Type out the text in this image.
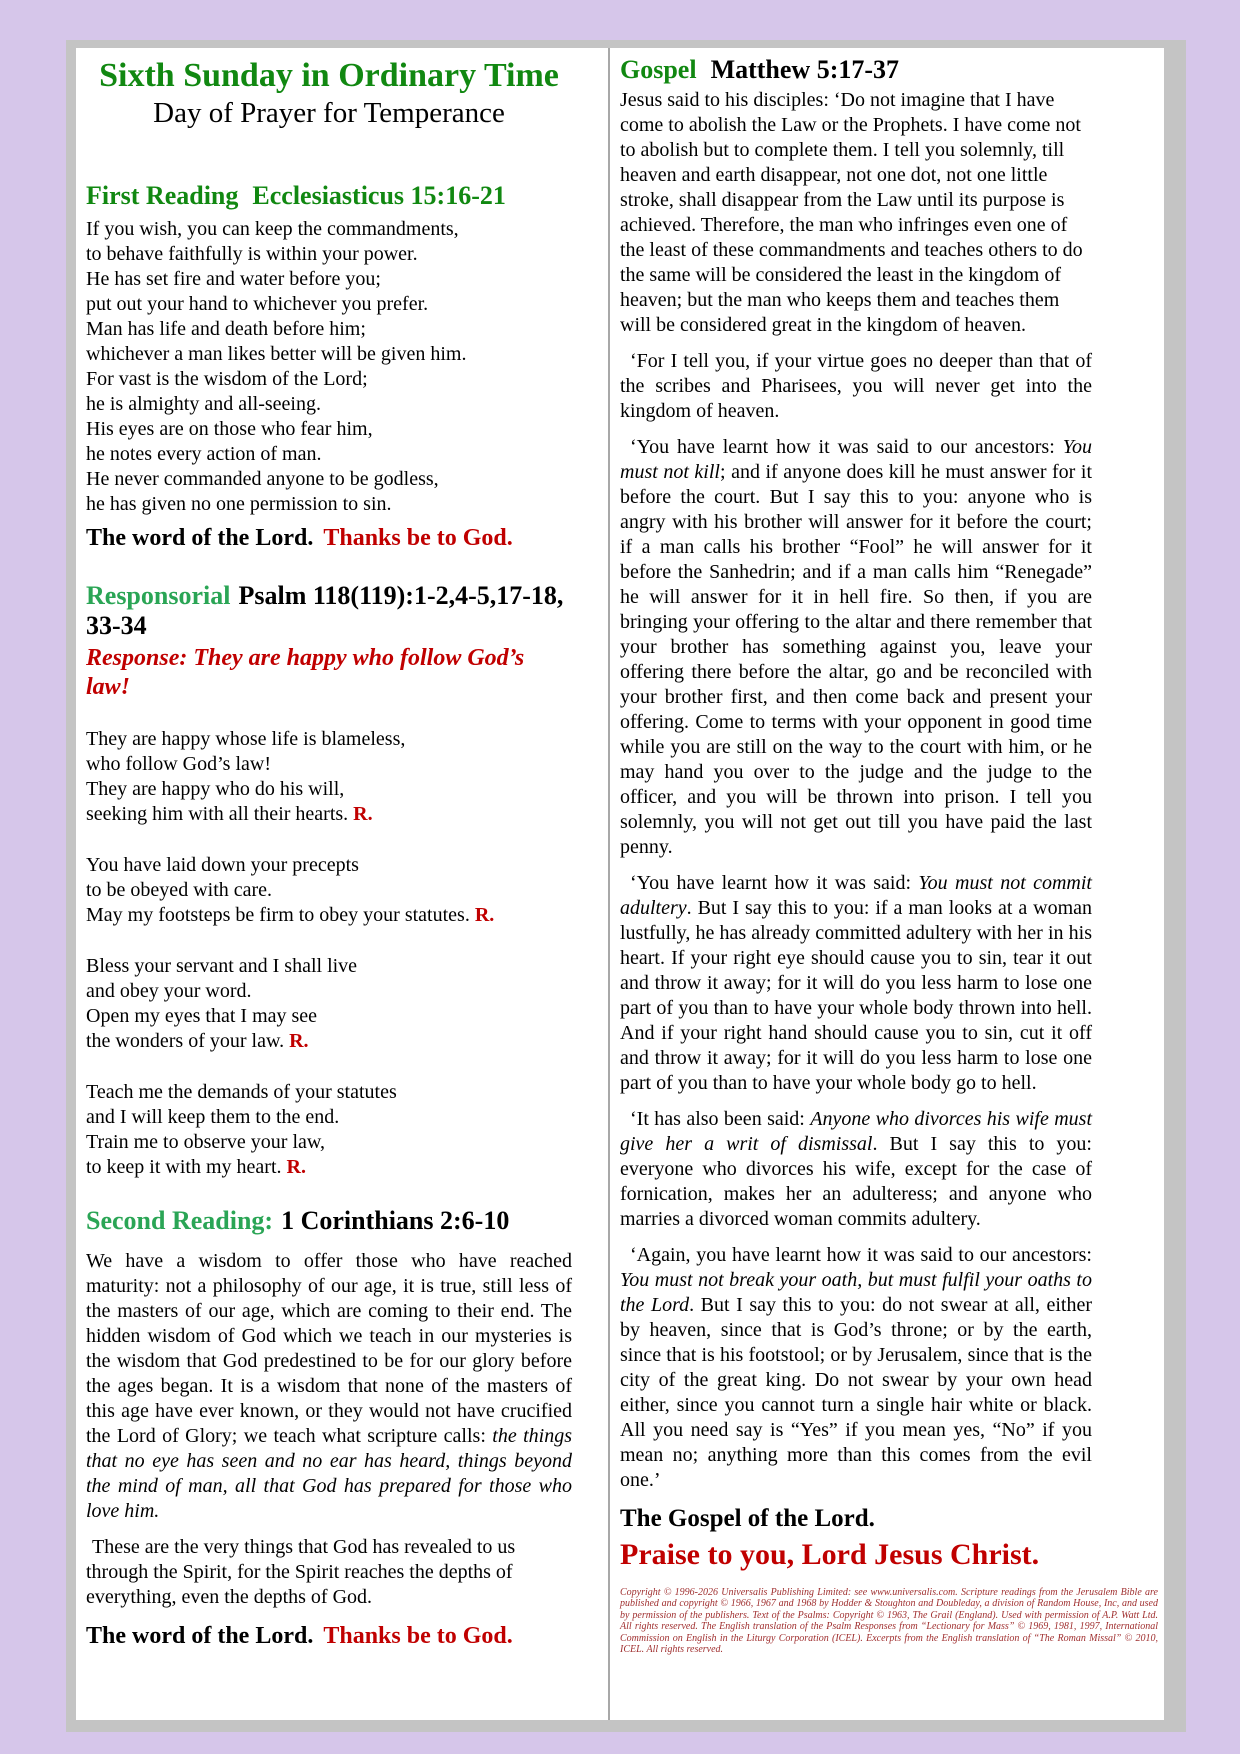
Sixth Sunday in Ordinary Time
Day of Prayer for Temperance
First Reading Ecclesiasticus 15:16-21
If you wish, you can keep the commandments,
to behave faithfully is within your power.
He has set fire and water before you;
put out your hand to whichever you prefer.
Man has life and death before him;
whichever a man likes better will be given him.
For vast is the wisdom of the Lord;
he is almighty and all-seeing.
His eyes are on those who fear him,
he notes every action of man.
He never commanded anyone to be godless,
he has given no one permission to sin.
The word of the Lord. Thanks be to God.
Responsorial Psalm 118(119):1-2,4-5,17-18, 33-34
Response: They are happy who follow God’s law!
They are happy whose life is blameless,
who follow God’s law!
They are happy who do his will,
seeking him with all their hearts. R.
You have laid down your precepts
to be obeyed with care.
May my footsteps be firm to obey your statutes. R.
Bless your servant and I shall live
and obey your word.
Open my eyes that I may see
the wonders of your law. R.
Teach me the demands of your statutes
and I will keep them to the end.
Train me to observe your law,
to keep it with my heart. R.
Second Reading: 1 Corinthians 2:6-10

We have a wisdom to offer those who have reached maturity: not a philosophy of our age, it is true, still less of the masters of our age, which are coming to their end. The hidden wisdom of God which we teach in our mysteries is the wisdom that God predestined to be for our glory before the ages began. It is a wisdom that none of the masters of this age have ever known, or they would not have crucified the Lord of Glory; we teach what scripture calls: the things that no eye has seen and no ear has heard, things beyond the mind of man, all that God has prepared for those who love him.

These are the very things that God has revealed to us through the Spirit, for the Spirit reaches the depths of everything, even the depths of God.

The word of the Lord. Thanks be to God.
Gospel Matthew 5:17-37

Jesus said to his disciples: ‘Do not imagine that I have come to abolish the Law or the Prophets. I have come not to abolish but to complete them. I tell you solemnly, till heaven and earth disappear, not one dot, not one little stroke, shall disappear from the Law until its purpose is achieved. Therefore, the man who infringes even one of the least of these commandments and teaches others to do the same will be considered the least in the kingdom of heaven; but the man who keeps them and teaches them will be considered great in the kingdom of heaven.

‘For I tell you, if your virtue goes no deeper than that of the scribes and Pharisees, you will never get into the kingdom of heaven.

‘You have learnt how it was said to our ancestors: You must not kill; and if anyone does kill he must answer for it before the court. But I say this to you: anyone who is angry with his brother will answer for it before the court; if a man calls his brother “Fool” he will answer for it before the Sanhedrin; and if a man calls him “Renegade” he will answer for it in hell fire. So then, if you are bringing your offering to the altar and there remember that your brother has something against you, leave your offering there before the altar, go and be reconciled with your brother first, and then come back and present your offering. Come to terms with your opponent in good time while you are still on the way to the court with him, or he may hand you over to the judge and the judge to the officer, and you will be thrown into prison. I tell you solemnly, you will not get out till you have paid the last penny.

‘You have learnt how it was said: You must not commit adultery. But I say this to you: if a man looks at a woman lustfully, he has already committed adultery with her in his heart. If your right eye should cause you to sin, tear it out and throw it away; for it will do you less harm to lose one part of you than to have your whole body thrown into hell. And if your right hand should cause you to sin, cut it off and throw it away; for it will do you less harm to lose one part of you than to have your whole body go to hell.

‘It has also been said: Anyone who divorces his wife must give her a writ of dismissal. But I say this to you: everyone who divorces his wife, except for the case of fornication, makes her an adulteress; and anyone who marries a divorced woman commits adultery.

‘Again, you have learnt how it was said to our ancestors: You must not break your oath, but must fulfil your oaths to the Lord. But I say this to you: do not swear at all, either by heaven, since that is God’s throne; or by the earth, since that is his footstool; or by Jerusalem, since that is the city of the great king. Do not swear by your own head either, since you cannot turn a single hair white or black. All you need say is “Yes” if you mean yes, “No” if you mean no; anything more than this comes from the evil one.’

The Gospel of the Lord.
Praise to you, Lord Jesus Christ.
Copyright © 1996-2026 Universalis Publishing Limited: see www.universalis.com. Scripture readings from the Jerusalem Bible are published and copyright © 1966, 1967 and 1968 by Hodder & Stoughton and Doubleday, a division of Random House, Inc, and used by permission of the publishers. Text of the Psalms: Copyright © 1963, The Grail (England). Used with permission of A.P. Watt Ltd. All rights reserved. The English translation of the Psalm Responses from “Lectionary for Mass” © 1969, 1981, 1997, International Commission on English in the Liturgy Corporation (ICEL). Excerpts from the English translation of “The Roman Missal” © 2010, ICEL. All rights reserved.
